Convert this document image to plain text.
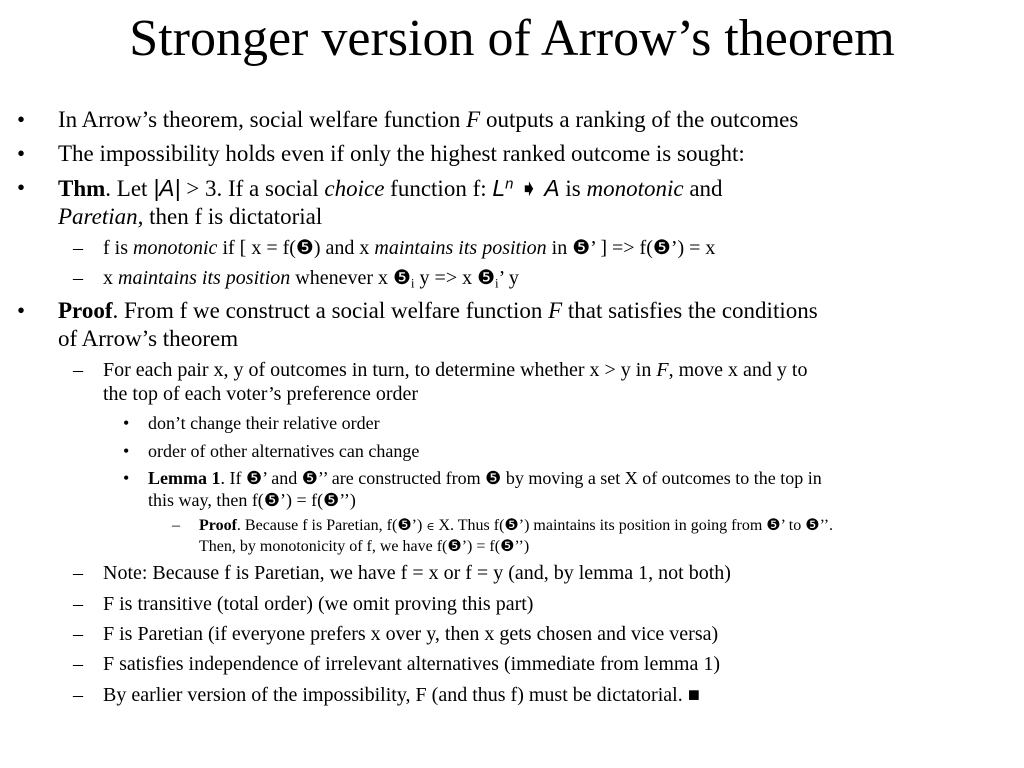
Stronger version of Arrow’s theorem
• In Arrow’s theorem, social welfare function F outputs a ranking of the outcomes
• The impossibility holds even if only the highest ranked outcome is sought:
• Thm. Let |A| > 3. If a social choice function f: $L^n$ ➧ A is monotonic and
Paretian, then f is dictatorial
– f is monotonic if [ x = f(❺) and x maintains its position in ❺’ ] => f(❺’) = x
– x maintains its position whenever x $❺_i$ y => x $❺_i$’ y
• Proof. From f we construct a social welfare function F that satisfies the conditions
of Arrow’s theorem
– For each pair x, y of outcomes in turn, to determine whether x > y in F, move x and y to
the top of each voter’s preference order
• don’t change their relative order
• order of other alternatives can change
• Lemma 1. If ❺’ and ❺’’ are constructed from ❺ by moving a set X of outcomes to the top in
this way, then f(❺’) = f(❺’’)
– Proof. Because f is Paretian, f(❺’) ∈ X. Thus f(❺’) maintains its position in going from ❺’ to ❺’’.
Then, by monotonicity of f, we have f(❺’) = f(❺’’)
– Note: Because f is Paretian, we have f = x or f = y (and, by lemma 1, not both)
– F is transitive (total order) (we omit proving this part)
– F is Paretian (if everyone prefers x over y, then x gets chosen and vice versa)
– F satisfies independence of irrelevant alternatives (immediate from lemma 1)
– By earlier version of the impossibility, F (and thus f) must be dictatorial. ■
